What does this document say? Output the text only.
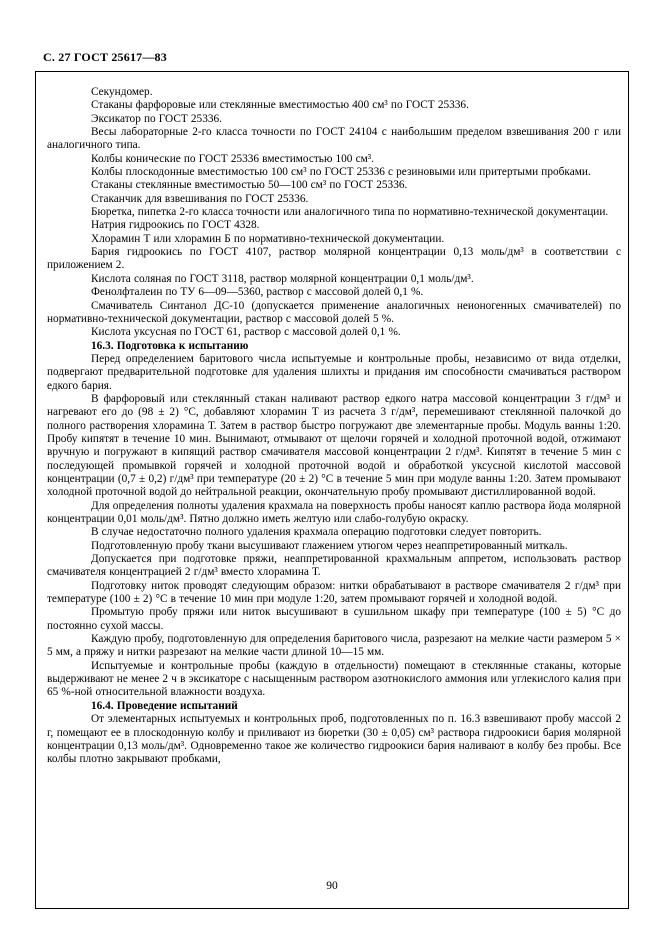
С. 27 ГОСТ 25617—83

Секундомер.

Стаканы фарфоровые или стеклянные вместимостью 400 см³ по ГОСТ 25336.

Эксикатор по ГОСТ 25336.

Весы лабораторные 2-го класса точности по ГОСТ 24104 с наибольшим пределом взвешивания 200 г или аналогичного типа.

Колбы конические по ГОСТ 25336 вместимостью 100 см³.

Колбы плоскодонные вместимостью 100 см³ по ГОСТ 25336 с резиновыми или притертыми пробками.

Стаканы стеклянные вместимостью 50—100 см³ по ГОСТ 25336.

Стаканчик для взвешивания по ГОСТ 25336.

Бюретка, пипетка 2-го класса точности или аналогичного типа по нормативно-технической документации.

Натрия гидроокись по ГОСТ 4328.

Хлорамин Т или хлорамин Б по нормативно-технической документации.

Бария гидроокись по ГОСТ 4107, раствор молярной концентрации 0,13 моль/дм³ в соответствии с приложением 2.

Кислота соляная по ГОСТ 3118, раствор молярной концентрации 0,1 моль/дм³.

Фенолфталеин по ТУ 6—09—5360, раствор с массовой долей 0,1 %.

Смачиватель Синтанол ДС-10 (допускается применение аналогичных неионогенных смачивателей) по нормативно-технической документации, раствор с массовой долей 5 %.

Кислота уксусная по ГОСТ 61, раствор с массовой долей 0,1 %.

16.3. Подготовка к испытанию

Перед определением баритового числа испытуемые и контрольные пробы, независимо от вида отделки, подвергают предварительной подготовке для удаления шлихты и придания им способности смачиваться раствором едкого бария.

В фарфоровый или стеклянный стакан наливают раствор едкого натра массовой концентрации 3 г/дм³ и нагревают его до (98 ± 2) °С, добавляют хлорамин Т из расчета 3 г/дм³, перемешивают стеклянной палочкой до полного растворения хлорамина Т. Затем в раствор быстро погружают две элементарные пробы. Модуль ванны 1:20. Пробу кипятят в течение 10 мин. Вынимают, отмывают от щелочи горячей и холодной проточной водой, отжимают вручную и погружают в кипящий раствор смачивателя массовой концентрации 2 г/дм³. Кипятят в течение 5 мин с последующей промывкой горячей и холодной проточной водой и обработкой уксусной кислотой массовой концентрации (0,7 ± 0,2) г/дм³ при температуре (20 ± 2) °С в течение 5 мин при модуле ванны 1:20. Затем промывают холодной проточной водой до нейтральной реакции, окончательную пробу промывают дистиллированной водой.

Для определения полноты удаления крахмала на поверхность пробы наносят каплю раствора йода молярной концентрации 0,01 моль/дм³. Пятно должно иметь желтую или слабо-голубую окраску.

В случае недостаточно полного удаления крахмала операцию подготовки следует повторить.

Подготовленную пробу ткани высушивают глажением утюгом через неаппретированный миткаль.

Допускается при подготовке пряжи, неаппретированной крахмальным аппретом, использовать раствор смачивателя концентрацией 2 г/дм³ вместо хлорамина Т.

Подготовку ниток проводят следующим образом: нитки обрабатывают в растворе смачивателя 2 г/дм³ при температуре (100 ± 2) °С в течение 10 мин при модуле 1:20, затем промывают горячей и холодной водой.

Промытую пробу пряжи или ниток высушивают в сушильном шкафу при температуре (100 ± 5) °С до постоянно сухой массы.

Каждую пробу, подготовленную для определения баритового числа, разрезают на мелкие части размером 5 × 5 мм, а пряжу и нитки разрезают на мелкие части длиной 10—15 мм.

Испытуемые и контрольные пробы (каждую в отдельности) помещают в стеклянные стаканы, которые выдерживают не менее 2 ч в эксикаторе с насыщенным раствором азотнокислого аммония или углекислого калия при 65 %-ной относительной влажности воздуха.

16.4. Проведение испытаний

От элементарных испытуемых и контрольных проб, подготовленных по п. 16.3 взвешивают пробу массой 2 г, помещают ее в плоскодонную колбу и приливают из бюретки (30 ± 0,05) см³ раствора гидроокиси бария молярной концентрации 0,13 моль/дм³. Одновременно такое же количество гидроокиси бария наливают в колбу без пробы. Все колбы плотно закрывают пробками,

90
